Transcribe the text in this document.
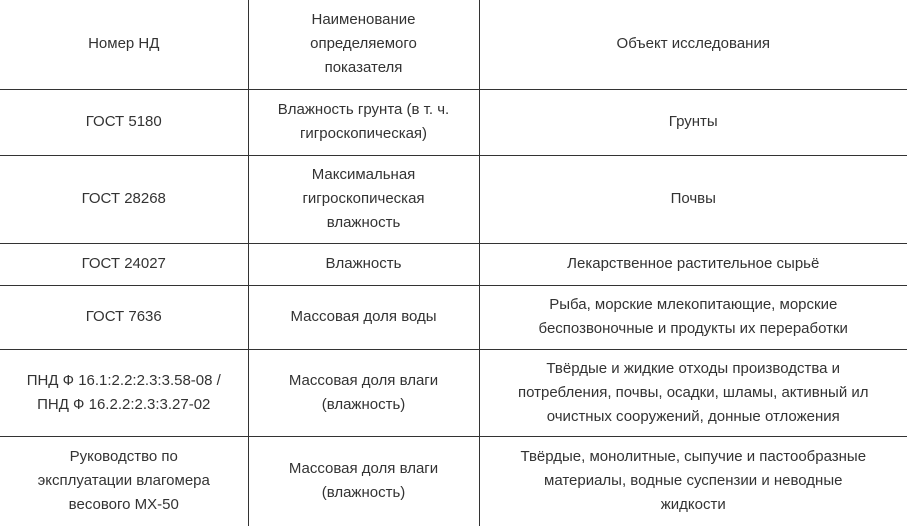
Номер НД	Наименование
определяемого
показателя	Объект исследования

ГОСТ 5180	Влажность грунта (в т. ч.
гигроскопическая)	Грунты

ГОСТ 28268	Максимальная
гигроскопическая
влажность	Почвы

ГОСТ 24027	Влажность	Лекарственное растительное сырьё

ГОСТ 7636	Массовая доля воды	Рыба, морские млекопитающие, морские
беспозвоночные и продукты их переработки

ПНД Ф 16.1:2.2:2.3:3.58-08 /
ПНД Ф 16.2.2:2.3:3.27-02	Массовая доля влаги
(влажность)	Твёрдые и жидкие отходы производства и
потребления, почвы, осадки, шламы, активный ил
очистных сооружений, донные отложения

Руководство по
эксплуатации влагомера
весового МХ-50	Массовая доля влаги
(влажность)	Твёрдые, монолитные, сыпучие и пастообразные
материалы, водные суспензии и неводные
жидкости
